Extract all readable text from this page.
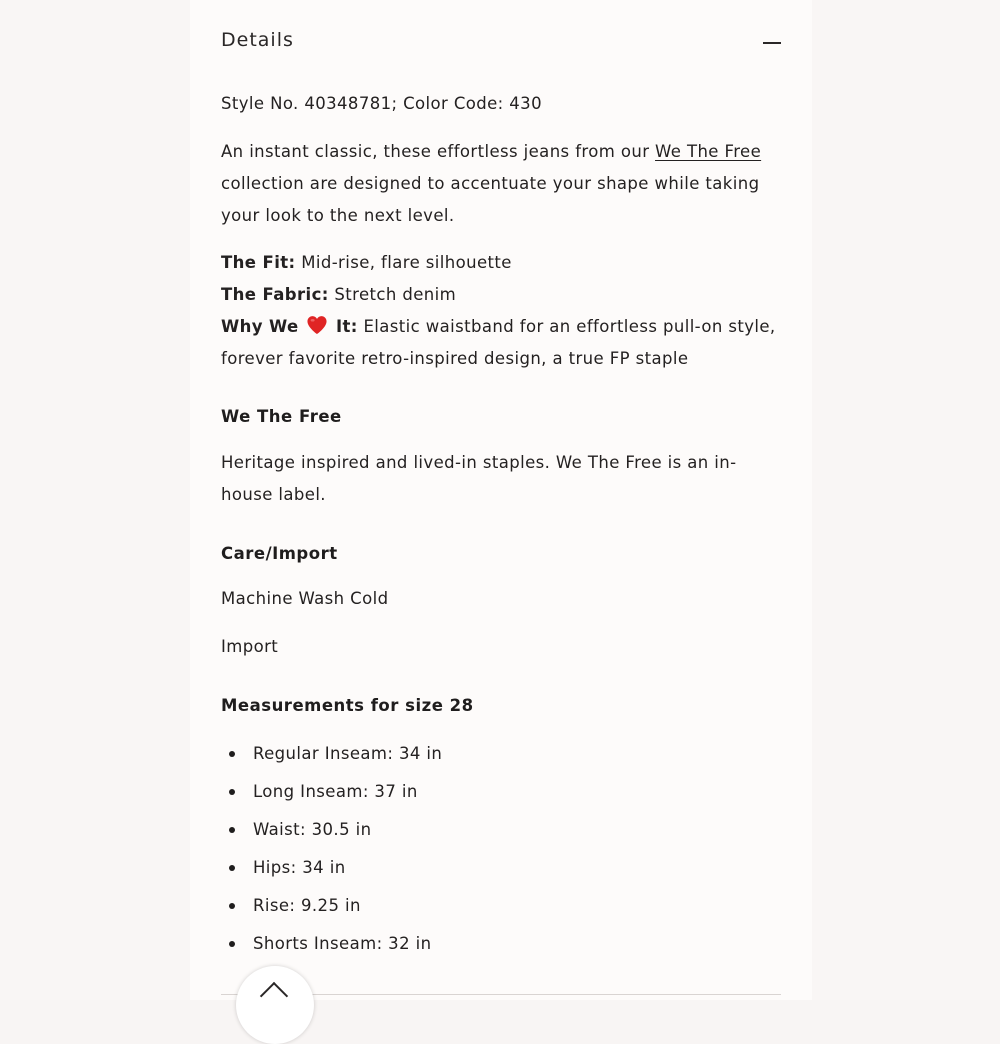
Details
Style No. 40348781; Color Code: 430
An instant classic, these effortless jeans from our We The Free collection are designed to accentuate your shape while taking your look to the next level.
The Fit: Mid-rise, flare silhouette
The Fabric: Stretch denim
Why We It: Elastic waistband for an effortless pull-on style, forever favorite retro-inspired design, a true FP staple
We The Free
Heritage inspired and lived-in staples. We The Free is an in-house label.
Care/Import
Machine Wash Cold
Import
Measurements for size 28
Regular Inseam: 34 in
Long Inseam: 37 in
Waist: 30.5 in
Hips: 34 in
Rise: 9.25 in
Shorts Inseam: 32 in
